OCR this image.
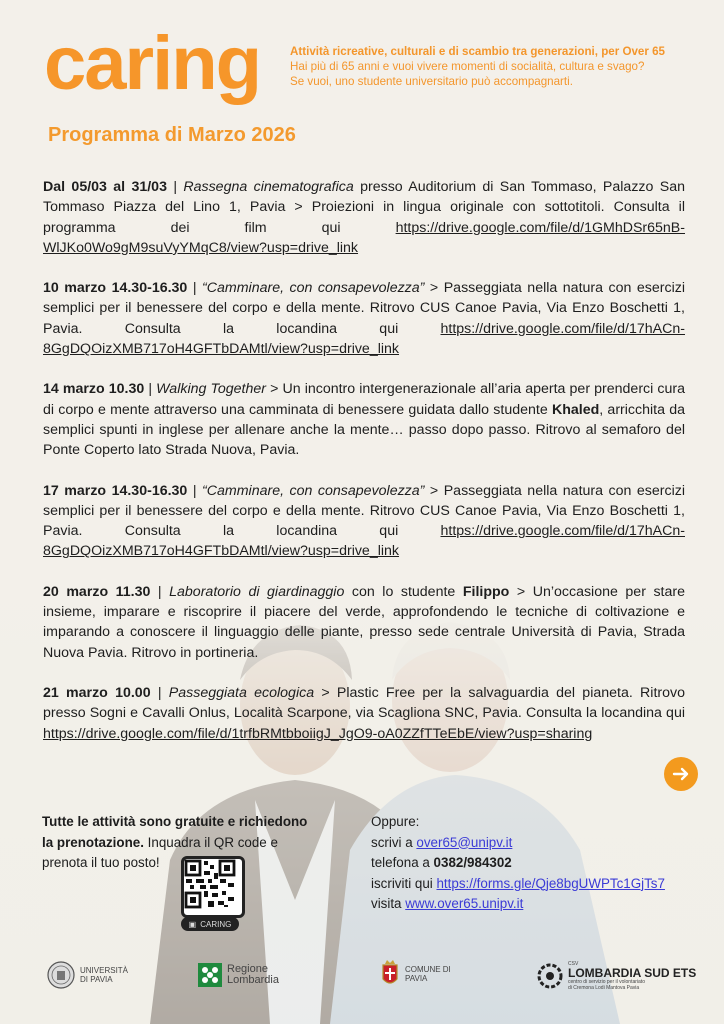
caring	Attività ricreative, culturali e di scambio tra generazioni, per Over 65
Hai più di 65 anni e vuoi vivere momenti di socialità, cultura e svago?
Se vuoi, uno studente universitario può accompagnarti.
Programma di Marzo 2026
Dal 05/03 al 31/03 | Rassegna cinematografica presso Auditorium di San Tommaso, Palazzo San Tommaso Piazza del Lino 1, Pavia > Proiezioni in lingua originale con sottotitoli. Consulta il programma dei film qui https://drive.google.com/file/d/1GMhDSr65nB-WlJKo0Wo9gM9suVyYMqC8/view?usp=drive_link
10 marzo 14.30-16.30 | “Camminare, con consapevolezza” > Passeggiata nella natura con esercizi semplici per il benessere del corpo e della mente. Ritrovo CUS Canoe Pavia, Via Enzo Boschetti 1, Pavia. Consulta la locandina qui https://drive.google.com/file/d/17hACn-8GgDQOizXMB717oH4GFTbDAMtl/view?usp=drive_link
14 marzo 10.30 | Walking Together > Un incontro intergenerazionale all’aria aperta per prenderci cura di corpo e mente attraverso una camminata di benessere guidata dallo studente Khaled, arricchita da semplici spunti in inglese per allenare anche la mente… passo dopo passo. Ritrovo al semaforo del Ponte Coperto lato Strada Nuova, Pavia.
17 marzo 14.30-16.30 | “Camminare, con consapevolezza” > Passeggiata nella natura con esercizi semplici per il benessere del corpo e della mente. Ritrovo CUS Canoe Pavia, Via Enzo Boschetti 1, Pavia. Consulta la locandina qui https://drive.google.com/file/d/17hACn-8GgDQOizXMB717oH4GFTbDAMtl/view?usp=drive_link
20 marzo 11.30 | Laboratorio di giardinaggio con lo studente Filippo > Un’occasione per stare insieme, imparare e riscoprire il piacere del verde, approfondendo le tecniche di coltivazione e imparando a conoscere il linguaggio delle piante, presso sede centrale Università di Pavia, Strada Nuova Pavia. Ritrovo in portineria.
21 marzo 10.00 | Passeggiata ecologica > Plastic Free per la salvaguardia del pianeta. Ritrovo presso Sogni e Cavalli Onlus, Località Scarpone, via Scagliona SNC, Pavia. Consulta la locandina qui https://drive.google.com/file/d/1trfbRMtbboiigJ_JgO9-oA0ZZfTTeEbE/view?usp=sharing
Tutte le attività sono gratuite e richiedono la prenotazione. Inquadra il QR code e prenota il tuo posto!
▣ CARING
Oppure:
scrivi a over65@unipv.it
telefona a 0382/984302
iscriviti qui https://forms.gle/Qje8bgUWPTc1GjTs7
visita www.over65.unipv.it
UNIVERSITÀ
DI PAVIA
Regione
Lombardia
COMUNE DI
PAVIA
CSV
LOMBARDIA SUD ETS
centro di servizio per il volontariato
di Cremona Lodi Mantova Pavia
